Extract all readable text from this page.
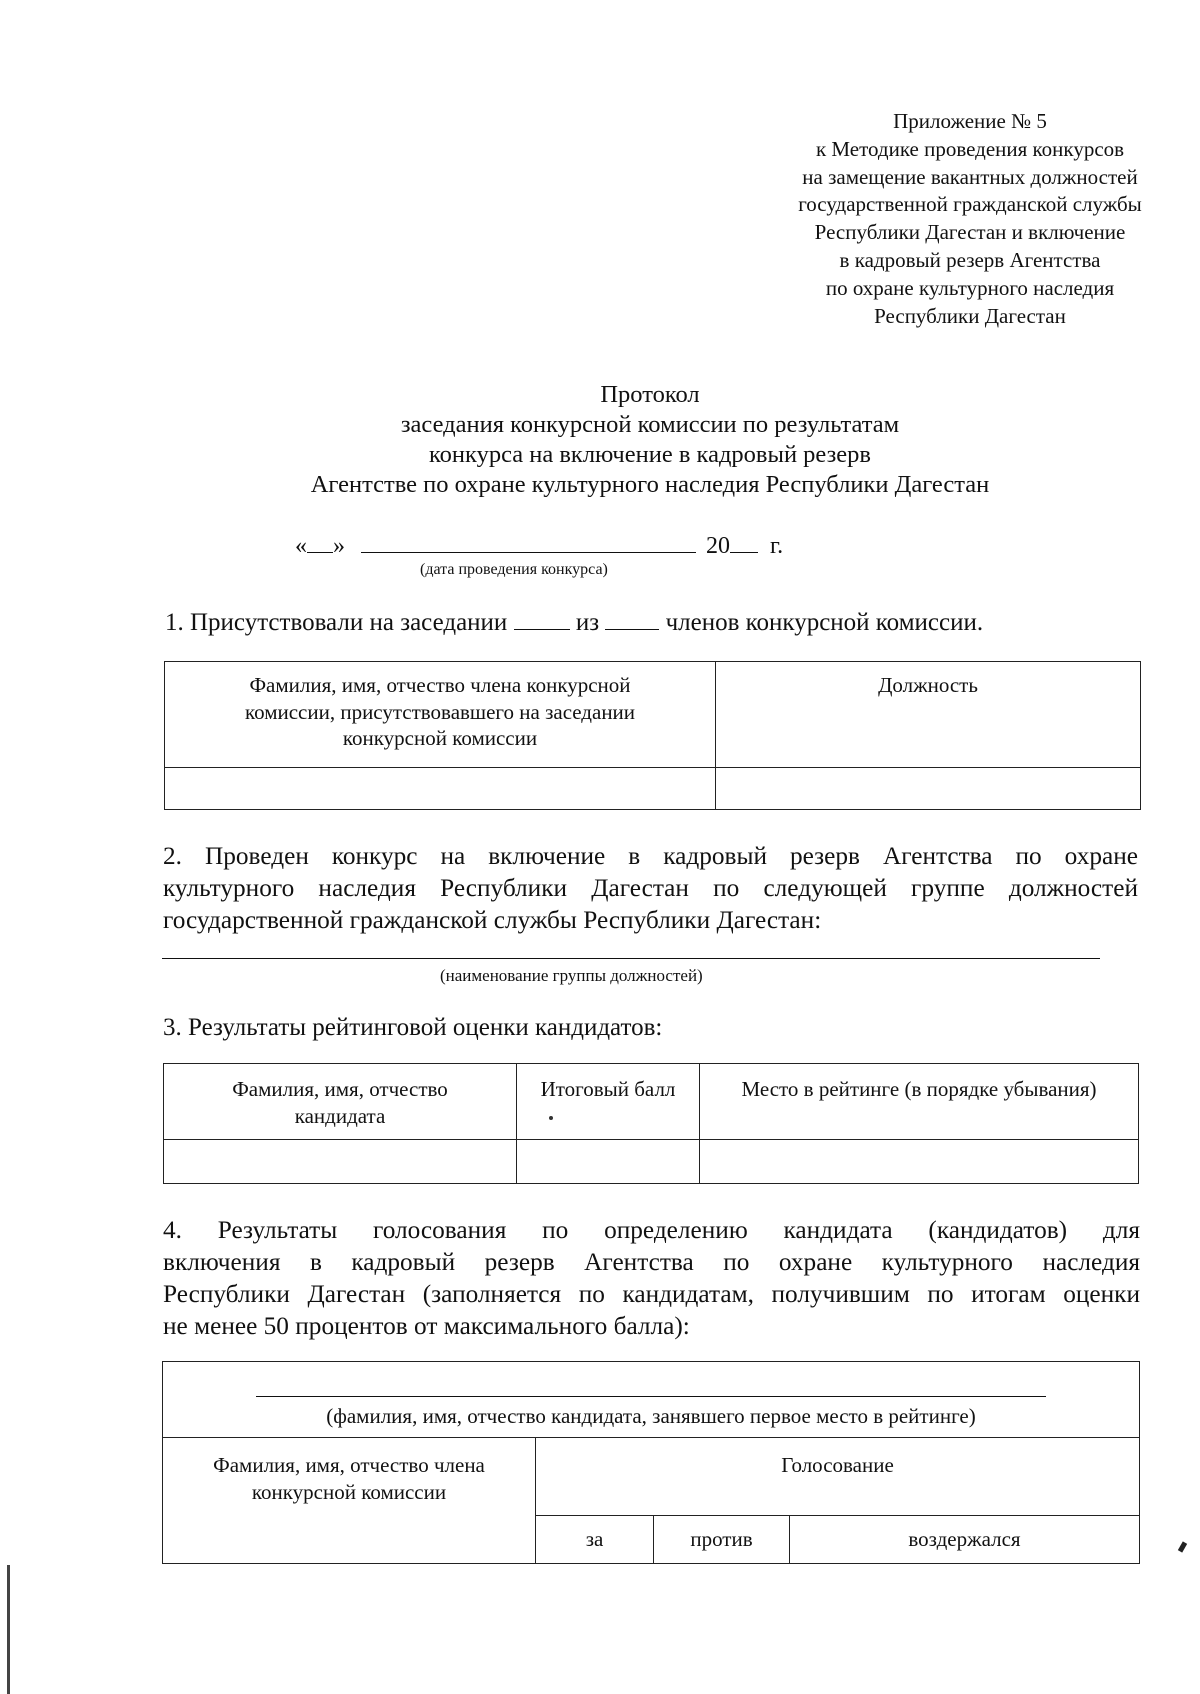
Приложение № 5
к Методике проведения конкурсов
на замещение вакантных должностей
государственной гражданской службы
Республики Дагестан и включение
в кадровый резерв Агентства
по охране культурного наследия
Республики Дагестан
Протокол
заседания конкурсной комиссии по результатам
конкурса на включение в кадровый резерв
Агентстве по охране культурного наследия Республики Дагестан
« »	20 г.
(дата проведения конкурса)
1. Присутствовали на заседании	из	членов конкурсной комиссии.
Фамилия, имя, отчество члена конкурсной комиссии, присутствовавшего на заседании конкурсной комиссии	Должность

2. Проведен конкурс на включение в кадровый резерв Агентства по охране
культурного наследия Республики Дагестан по следующей группе должностей
государственной гражданской службы Республики Дагестан:
(наименование группы должностей)
3. Результаты рейтинговой оценки кандидатов:
Фамилия, имя, отчество кандидата	Итоговый балл	Место в рейтинге (в порядке убывания)

4. Результаты голосования по определению кандидата (кандидатов) для
включения в кадровый резерв Агентства по охране культурного наследия
Республики Дагестан (заполняется по кандидатам, получившим по итогам оценки
не менее 50 процентов от максимального балла):
(фамилия, имя, отчество кандидата, занявшего первое место в рейтинге)			

Фамилия, имя, отчество члена конкурсной комиссии	Голосование		
	за	против	воздержался
